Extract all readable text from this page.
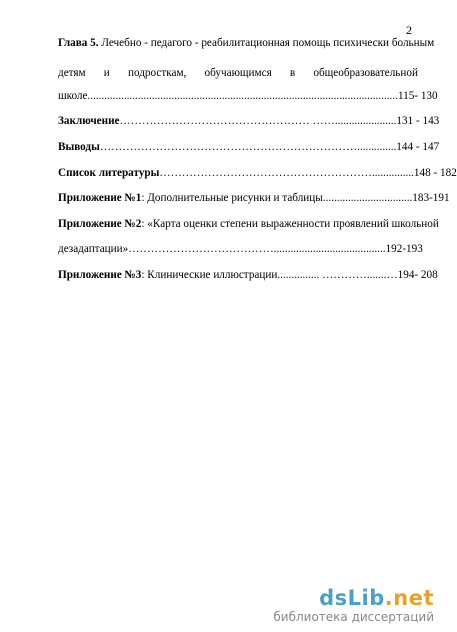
2
Глава 5. Лечебно - педагого - реабилитационная помощь психически больным
детям и подросткам, обучающимся в общеобразовательной
школе............................................................................................................... 115- 130
Заключение…………………………………………… ……...................... 131 - 143
Выводы…………………………………………………………….............. 144 - 147
Список литературы…………………………………………………............... 148 - 182
Приложение №1: Дополнительные рисунки и таблицы................................ 183-191
Приложение №2: «Карта оценки степени выраженности проявлений школьной
дезадаптации»…………………………………........................................ 192-193
Приложение №3: Клинические иллюстрации............... ………….......… 194- 208
dsLib.net
библиотека диссертаций
